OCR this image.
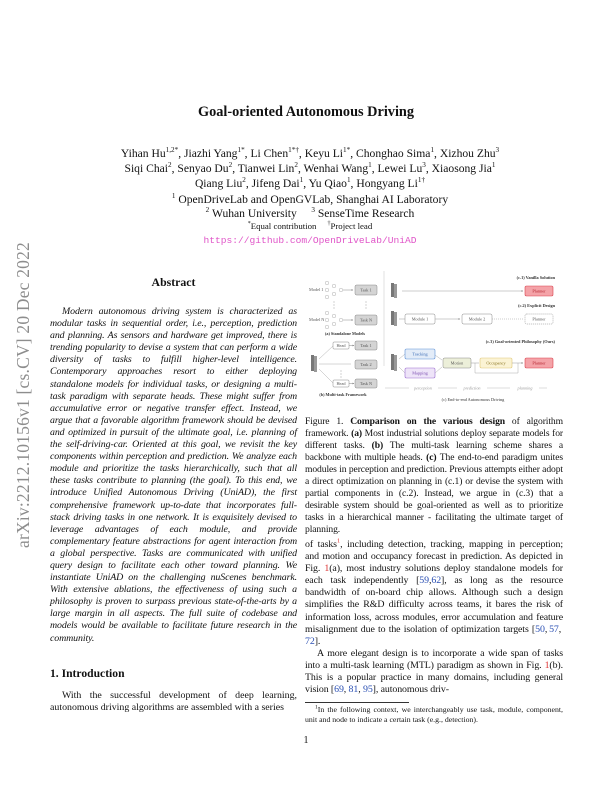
arXiv:2212.10156v1 [cs.CV] 20 Dec 2022
Goal-oriented Autonomous Driving
Yihan $Hu^{1,2*}$, Jiazhi Yang$^{1*}$, Li Chen$^{1*\dagger}$, Keyu $Li^{1*}$, Chonghao Sima$^1$, Xizhou Zhu$^3$
Siqi Chai$^2$, Senyao Du$^2$, Tianwei Lin$^2$, Wenhai Wang$^1$, Lewei Lu$^3$, Xiaosong Jia$^1$
Qiang Liu$^2$, Jifeng Dai$^1$, Yu Qiao$^1$, Hongyang $Li^{1\dagger}$
$^1$ OpenDriveLab and OpenGVLab, Shanghai AI Laboratory
$^2$ Wuhan University $^3$ SenseTime Research
*Equal contribution †Project lead
https://github.com/OpenDriveLab/UniAD
Abstract
Modern autonomous driving system is characterized as modular tasks in sequential order, i.e., perception, prediction and planning. As sensors and hardware get improved, there is trending popularity to devise a system that can perform a wide diversity of tasks to fulfill higher-level intelligence. Contemporary approaches resort to either deploying standalone models for individual tasks, or designing a multi-task paradigm with separate heads. These might suffer from accumulative error or negative transfer effect. Instead, we argue that a favorable algorithm framework should be devised and optimized in pursuit of the ultimate goal, i.e. planning of the self-driving-car. Oriented at this goal, we revisit the key components within perception and prediction. We analyze each module and prioritize the tasks hierarchically, such that all these tasks contribute to planning (the goal). To this end, we introduce Unified Autonomous Driving (UniAD), the first comprehensive framework up-to-date that incorporates full-stack driving tasks in one network. It is exquisitely devised to leverage advantages of each module, and provide complementary feature abstractions for agent interaction from a global perspective. Tasks are communicated with unified query design to facilitate each other toward planning. We instantiate UniAD on the challenging nuScenes benchmark. With extensive ablations, the effectiveness of using such a philosophy is proven to surpass previous state-of-the-arts by a large margin in all aspects. The full suite of codebase and models would be available to facilitate future research in the community.
1. Introduction
With the successful development of deep learning, autonomous driving algorithms are assembled with a series
Model 1
Model N
Task 1
Task N
(a) Standalone Models
Head
Head
Task 1
Task 2
Task N
(b) Multi-task Framework
(c.1) Vanilla Solution
Planner
(c.2) Explicit Design
Module 1	Module 2	Planner
(c.3) Goal-oriented Philosophy (Ours)
Tracking
Mapping
Motion	Occupancy	Planner
perception	prediction	planning
(c) End-to-end Autonomous Driving
Figure 1. Comparison on the various design of algorithm framework. (a) Most industrial solutions deploy separate models for different tasks. (b) The multi-task learning scheme shares a backbone with multiple heads. (c) The end-to-end paradigm unites modules in perception and prediction. Previous attempts either adopt a direct optimization on planning in (c.1) or devise the system with partial components in (c.2). Instead, we argue in (c.3) that a desirable system should be goal-oriented as well as to prioritize tasks in a hierarchical manner - facilitating the ultimate target of planning.

of tasks$^1$, including detection, tracking, mapping in perception; and motion and occupancy forecast in prediction. As depicted in Fig. 1(a), most industry solutions deploy standalone models for each task independently [59,62], as long as the resource bandwidth of on-board chip allows. Although such a design simplifies the R&D difficulty across teams, it bares the risk of information loss, across modules, error accumulation and feature misalignment due to the isolation of optimization targets [50, 57, 72].

A more elegant design is to incorporate a wide span of tasks into a multi-task learning (MTL) paradigm as shown in Fig. 1(b). This is a popular practice in many domains, including general vision [69, 81, 95], autonomous driv-

$^1$In the following context, we interchangeably use task, module, component, unit and node to indicate a certain task (e.g., detection).
1
